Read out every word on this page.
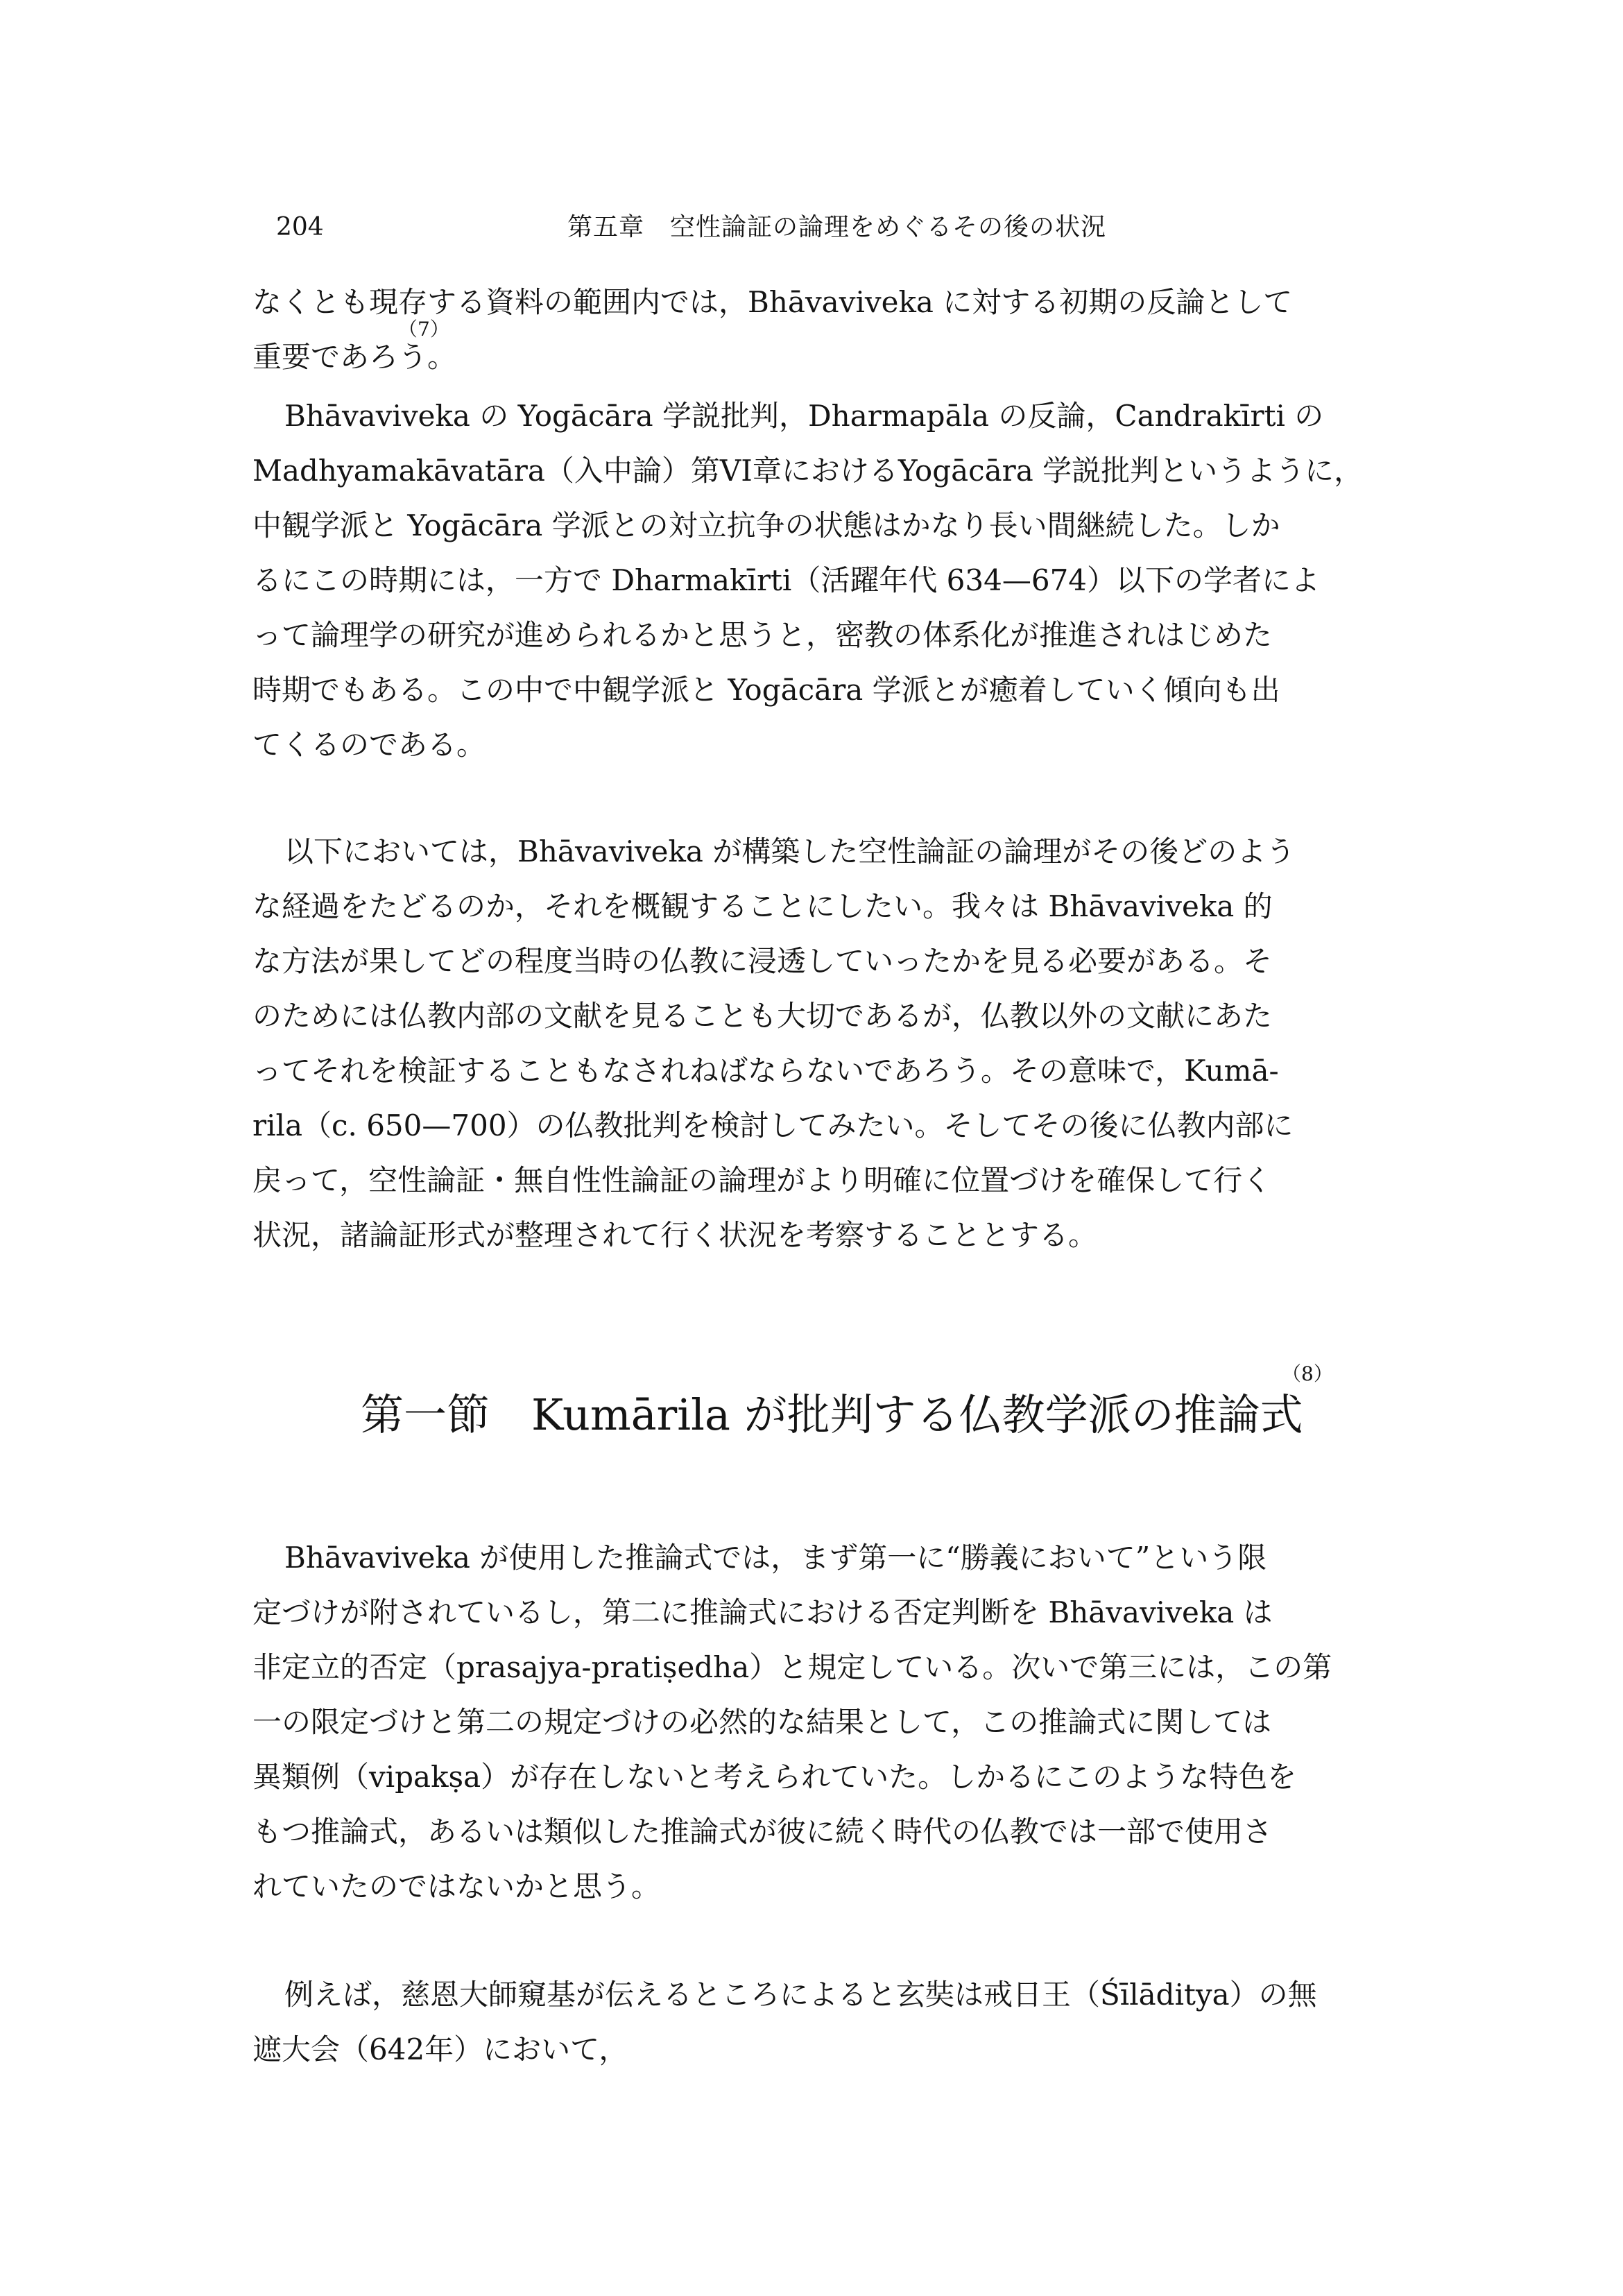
204	第五章　空性論証の論理をめぐるその後の状況
なくとも現存する資料の範囲内では，Bhāvaviveka に対する初期の反論として
重要であろう。
（7）
Bhāvaviveka の Yogācāra 学説批判，Dharmapāla の反論，Candrakīrti の
Madhyamakāvatāra（入中論）第VI章におけるYogācāra 学説批判というように，
中観学派と Yogācāra 学派との対立抗争の状態はかなり長い間継続した。しか
るにこの時期には，一方で Dharmakīrti（活躍年代 634—674）以下の学者によ
って論理学の研究が進められるかと思うと，密教の体系化が推進されはじめた
時期でもある。この中で中観学派と Yogācāra 学派とが癒着していく傾向も出
てくるのである。
以下においては，Bhāvaviveka が構築した空性論証の論理がその後どのよう
な経過をたどるのか，それを概観することにしたい。我々は Bhāvaviveka 的
な方法が果してどの程度当時の仏教に浸透していったかを見る必要がある。そ
のためには仏教内部の文献を見ることも大切であるが，仏教以外の文献にあた
ってそれを検証することもなされねばならないであろう。その意味で，Kumā-
rila（c. 650—700）の仏教批判を検討してみたい。そしてその後に仏教内部に
戻って，空性論証・無自性性論証の論理がより明確に位置づけを確保して行く
状況，諸論証形式が整理されて行く状況を考察することとする。
（8）
第一節 Kumārila が批判する仏教学派の推論式
Bhāvaviveka が使用した推論式では，まず第一に“勝義において”という限
定づけが附されているし，第二に推論式における否定判断を Bhāvaviveka は
非定立的否定（prasajya-pratiṣedha）と規定している。次いで第三には，この第
一の限定づけと第二の規定づけの必然的な結果として，この推論式に関しては
異類例（vipakṣa）が存在しないと考えられていた。しかるにこのような特色を
もつ推論式，あるいは類似した推論式が彼に続く時代の仏教では一部で使用さ
れていたのではないかと思う。
例えば，慈恩大師窺基が伝えるところによると玄奘は戒日王（Śīlāditya）の無
遮大会（642年）において，
